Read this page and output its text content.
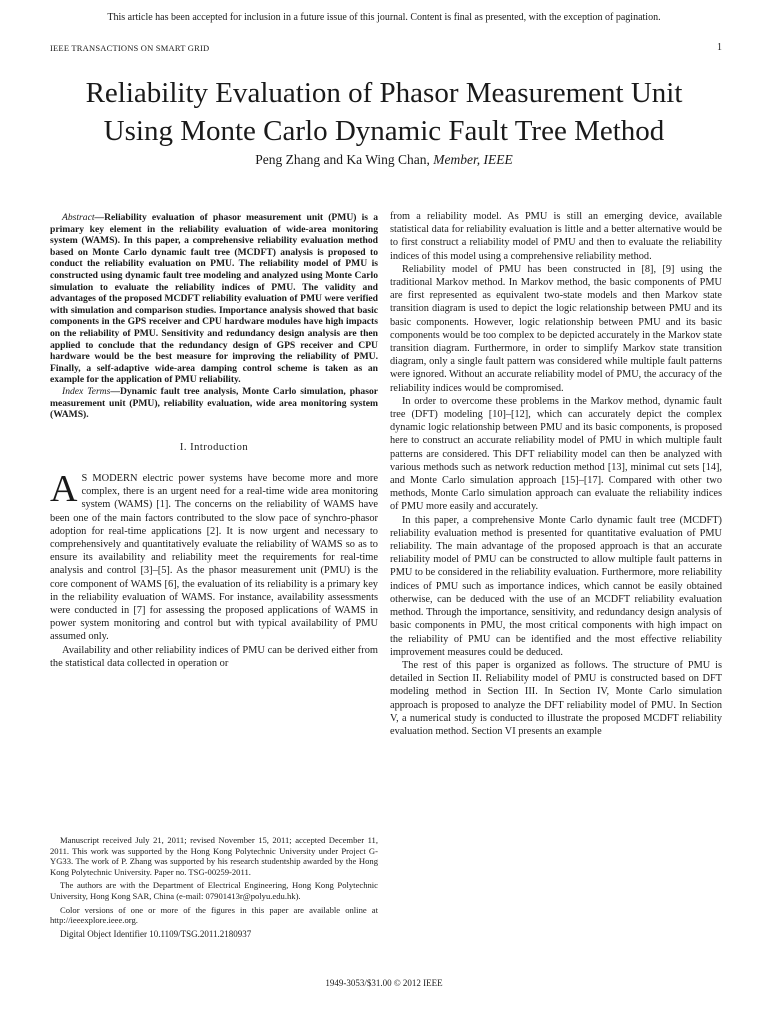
This article has been accepted for inclusion in a future issue of this journal. Content is final as presented, with the exception of pagination.
IEEE TRANSACTIONS ON SMART GRID	1
Reliability Evaluation of Phasor Measurement Unit
Using Monte Carlo Dynamic Fault Tree Method
Peng Zhang and Ka Wing Chan, Member, IEEE

Abstract—Reliability evaluation of phasor measurement unit (PMU) is a primary key element in the reliability evaluation of wide-area monitoring system (WAMS). In this paper, a comprehensive reliability evaluation method based on Monte Carlo dynamic fault tree (MCDFT) analysis is proposed to conduct the reliability evaluation on PMU. The reliability model of PMU is constructed using dynamic fault tree modeling and analyzed using Monte Carlo simulation to evaluate the reliability indices of PMU. The validity and advantages of the proposed MCDFT reliability evaluation of PMU were verified with simulation and comparison studies. Importance analysis showed that basic components in the GPS receiver and CPU hardware modules have high impacts on the reliability of PMU. Sensitivity and redundancy design analysis are then applied to conclude that the redundancy design of GPS receiver and CPU hardware would be the best measure for improving the reliability of PMU. Finally, a self-adaptive wide-area damping control scheme is taken as an example for the application of PMU reliability.

Index Terms—Dynamic fault tree analysis, Monte Carlo simulation, phasor measurement unit (PMU), reliability evaluation, wide area monitoring system (WAMS).

I. Introduction

A S MODERN electric power systems have become more and more complex, there is an urgent need for a real-time wide area monitoring system (WAMS) [1]. The concerns on the reliability of WAMS have been one of the main factors contributed to the slow pace of synchro-phasor adoption for real-time applications [2]. It is now urgent and necessary to comprehensively and quantitatively evaluate the reliability of WAMS so as to ensure its availability and reliability meet the requirements for real-time analysis and control [3]–[5]. As the phasor measurement unit (PMU) is the core component of WAMS [6], the evaluation of its reliability is a primary key in the reliability evaluation of WAMS. For instance, availability assessments were conducted in [7] for assessing the proposed applications of WAMS in power system monitoring and control but with typical availability of PMU assumed only.

Availability and other reliability indices of PMU can be derived either from the statistical data collected in operation or

Manuscript received July 21, 2011; revised November 15, 2011; accepted December 11, 2011. This work was supported by the Hong Kong Polytechnic University under Project G-YG33. The work of P. Zhang was supported by his research studentship awarded by the Hong Kong Polytechnic University. Paper no. TSG-00259-2011.

The authors are with the Department of Electrical Engineering, Hong Kong Polytechnic University, Hong Kong SAR, China (e-mail: 07901413r@polyu.edu.hk).

Color versions of one or more of the figures in this paper are available online at http://ieeexplore.ieee.org.

Digital Object Identifier 10.1109/TSG.2011.2180937

from a reliability model. As PMU is still an emerging device, available statistical data for reliability evaluation is little and a better alternative would be to first construct a reliability model of PMU and then to evaluate the reliability indices of this model using a comprehensive reliability method.

Reliability model of PMU has been constructed in [8], [9] using the traditional Markov method. In Markov method, the basic components of PMU are first represented as equivalent two-state models and then Markov state transition diagram is used to depict the logic relationship between PMU and its basic components. However, logic relationship between PMU and its basic components would be too complex to be depicted accurately in the Markov state transition diagram. Furthermore, in order to simplify Markov state transition diagram, only a single fault pattern was considered while multiple fault patterns were ignored. Without an accurate reliability model of PMU, the accuracy of the reliability indices would be compromised.

In order to overcome these problems in the Markov method, dynamic fault tree (DFT) modeling [10]–[12], which can accurately depict the complex dynamic logic relationship between PMU and its basic components, is proposed here to construct an accurate reliability model of PMU in which multiple fault patterns are considered. This DFT reliability model can then be analyzed with various methods such as network reduction method [13], minimal cut sets [14], and Monte Carlo simulation approach [15]–[17]. Compared with other two methods, Monte Carlo simulation approach can evaluate the reliability indices of PMU more easily and accurately.

In this paper, a comprehensive Monte Carlo dynamic fault tree (MCDFT) reliability evaluation method is presented for quantitative evaluation of PMU reliability. The main advantage of the proposed approach is that an accurate reliability model of PMU can be constructed to allow multiple fault patterns in PMU to be considered in the reliability evaluation. Furthermore, more reliability indices of PMU such as importance indices, which cannot be easily obtained otherwise, can be deduced with the use of an MCDFT reliability evaluation method. Through the importance, sensitivity, and redundancy design analysis of basic components in PMU, the most critical components with high impact on the reliability of PMU can be identified and the most effective reliability improvement measures could be deduced.

The rest of this paper is organized as follows. The structure of PMU is detailed in Section II. Reliability model of PMU is constructed based on DFT modeling method in Section III. In Section IV, Monte Carlo simulation approach is proposed to analyze the DFT reliability model of PMU. In Section V, a numerical study is conducted to illustrate the proposed MCDFT reliability evaluation method. Section VI presents an example

1949-3053/$31.00 © 2012 IEEE
